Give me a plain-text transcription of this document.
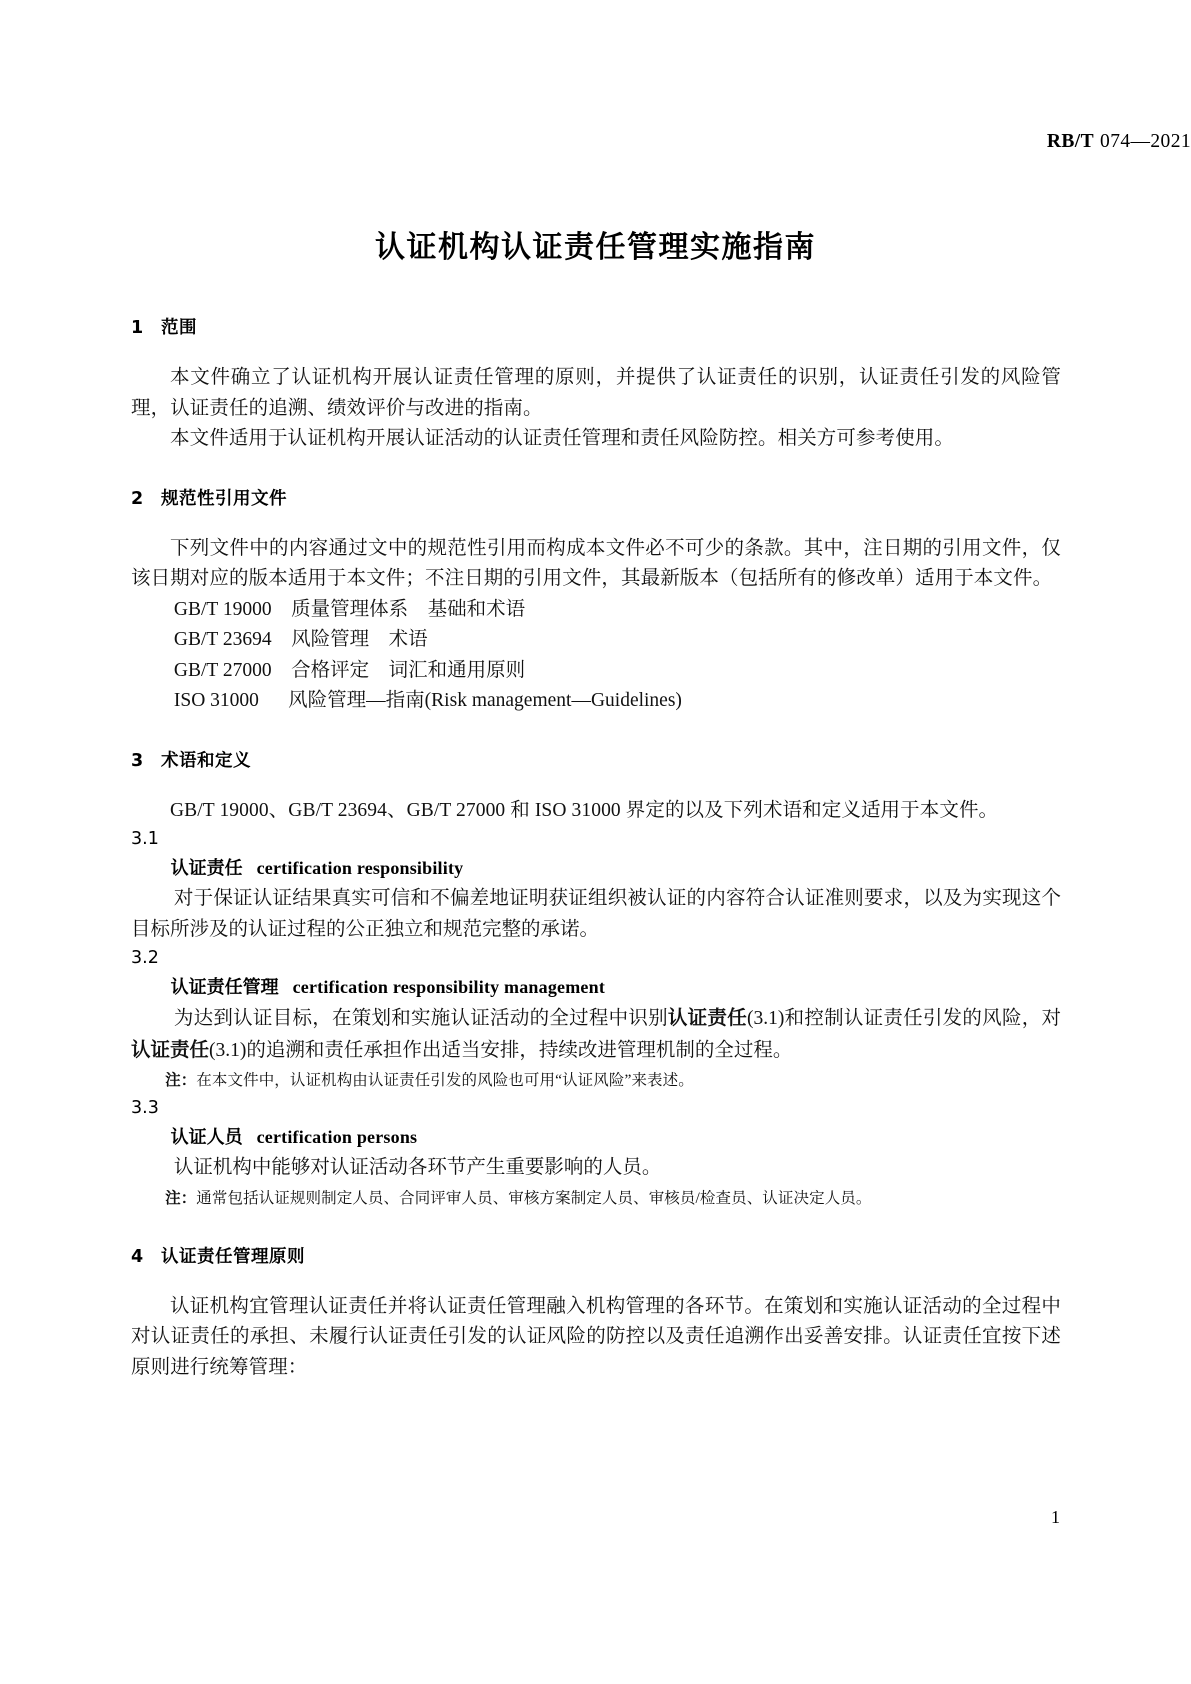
RB/T 074—2021
认证机构认证责任管理实施指南
1 范围

本文件确立了认证机构开展认证责任管理的原则，并提供了认证责任的识别，认证责任引发的风险管理，认证责任的追溯、绩效评价与改进的指南。

本文件适用于认证机构开展认证活动的认证责任管理和责任风险防控。相关方可参考使用。

2 规范性引用文件

下列文件中的内容通过文中的规范性引用而构成本文件必不可少的条款。其中，注日期的引用文件，仅该日期对应的版本适用于本文件；不注日期的引用文件，其最新版本（包括所有的修改单）适用于本文件。

GB/T 19000    质量管理体系    基础和术语
GB/T 23694    风险管理    术语
GB/T 27000    合格评定    词汇和通用原则
ISO 31000      风险管理—指南(Risk management—Guidelines)
3 术语和定义

GB/T 19000、GB/T 23694、GB/T 27000 和 ISO 31000 界定的以及下列术语和定义适用于本文件。

3.1
认证责任 certification responsibility

对于保证认证结果真实可信和不偏差地证明获证组织被认证的内容符合认证准则要求，以及为实现这个目标所涉及的认证过程的公正独立和规范完整的承诺。

3.2
认证责任管理 certification responsibility management

为达到认证目标，在策划和实施认证活动的全过程中识别认证责任(3.1)和控制认证责任引发的风险，对认证责任(3.1)的追溯和责任承担作出适当安排，持续改进管理机制的全过程。

注：在本文件中，认证机构由认证责任引发的风险也可用“认证风险”来表述。

3.3
认证人员 certification persons

认证机构中能够对认证活动各环节产生重要影响的人员。

注：通常包括认证规则制定人员、合同评审人员、审核方案制定人员、审核员/检查员、认证决定人员。

4 认证责任管理原则

认证机构宜管理认证责任并将认证责任管理融入机构管理的各环节。在策划和实施认证活动的全过程中对认证责任的承担、未履行认证责任引发的认证风险的防控以及责任追溯作出妥善安排。认证责任宜按下述原则进行统筹管理：

1
